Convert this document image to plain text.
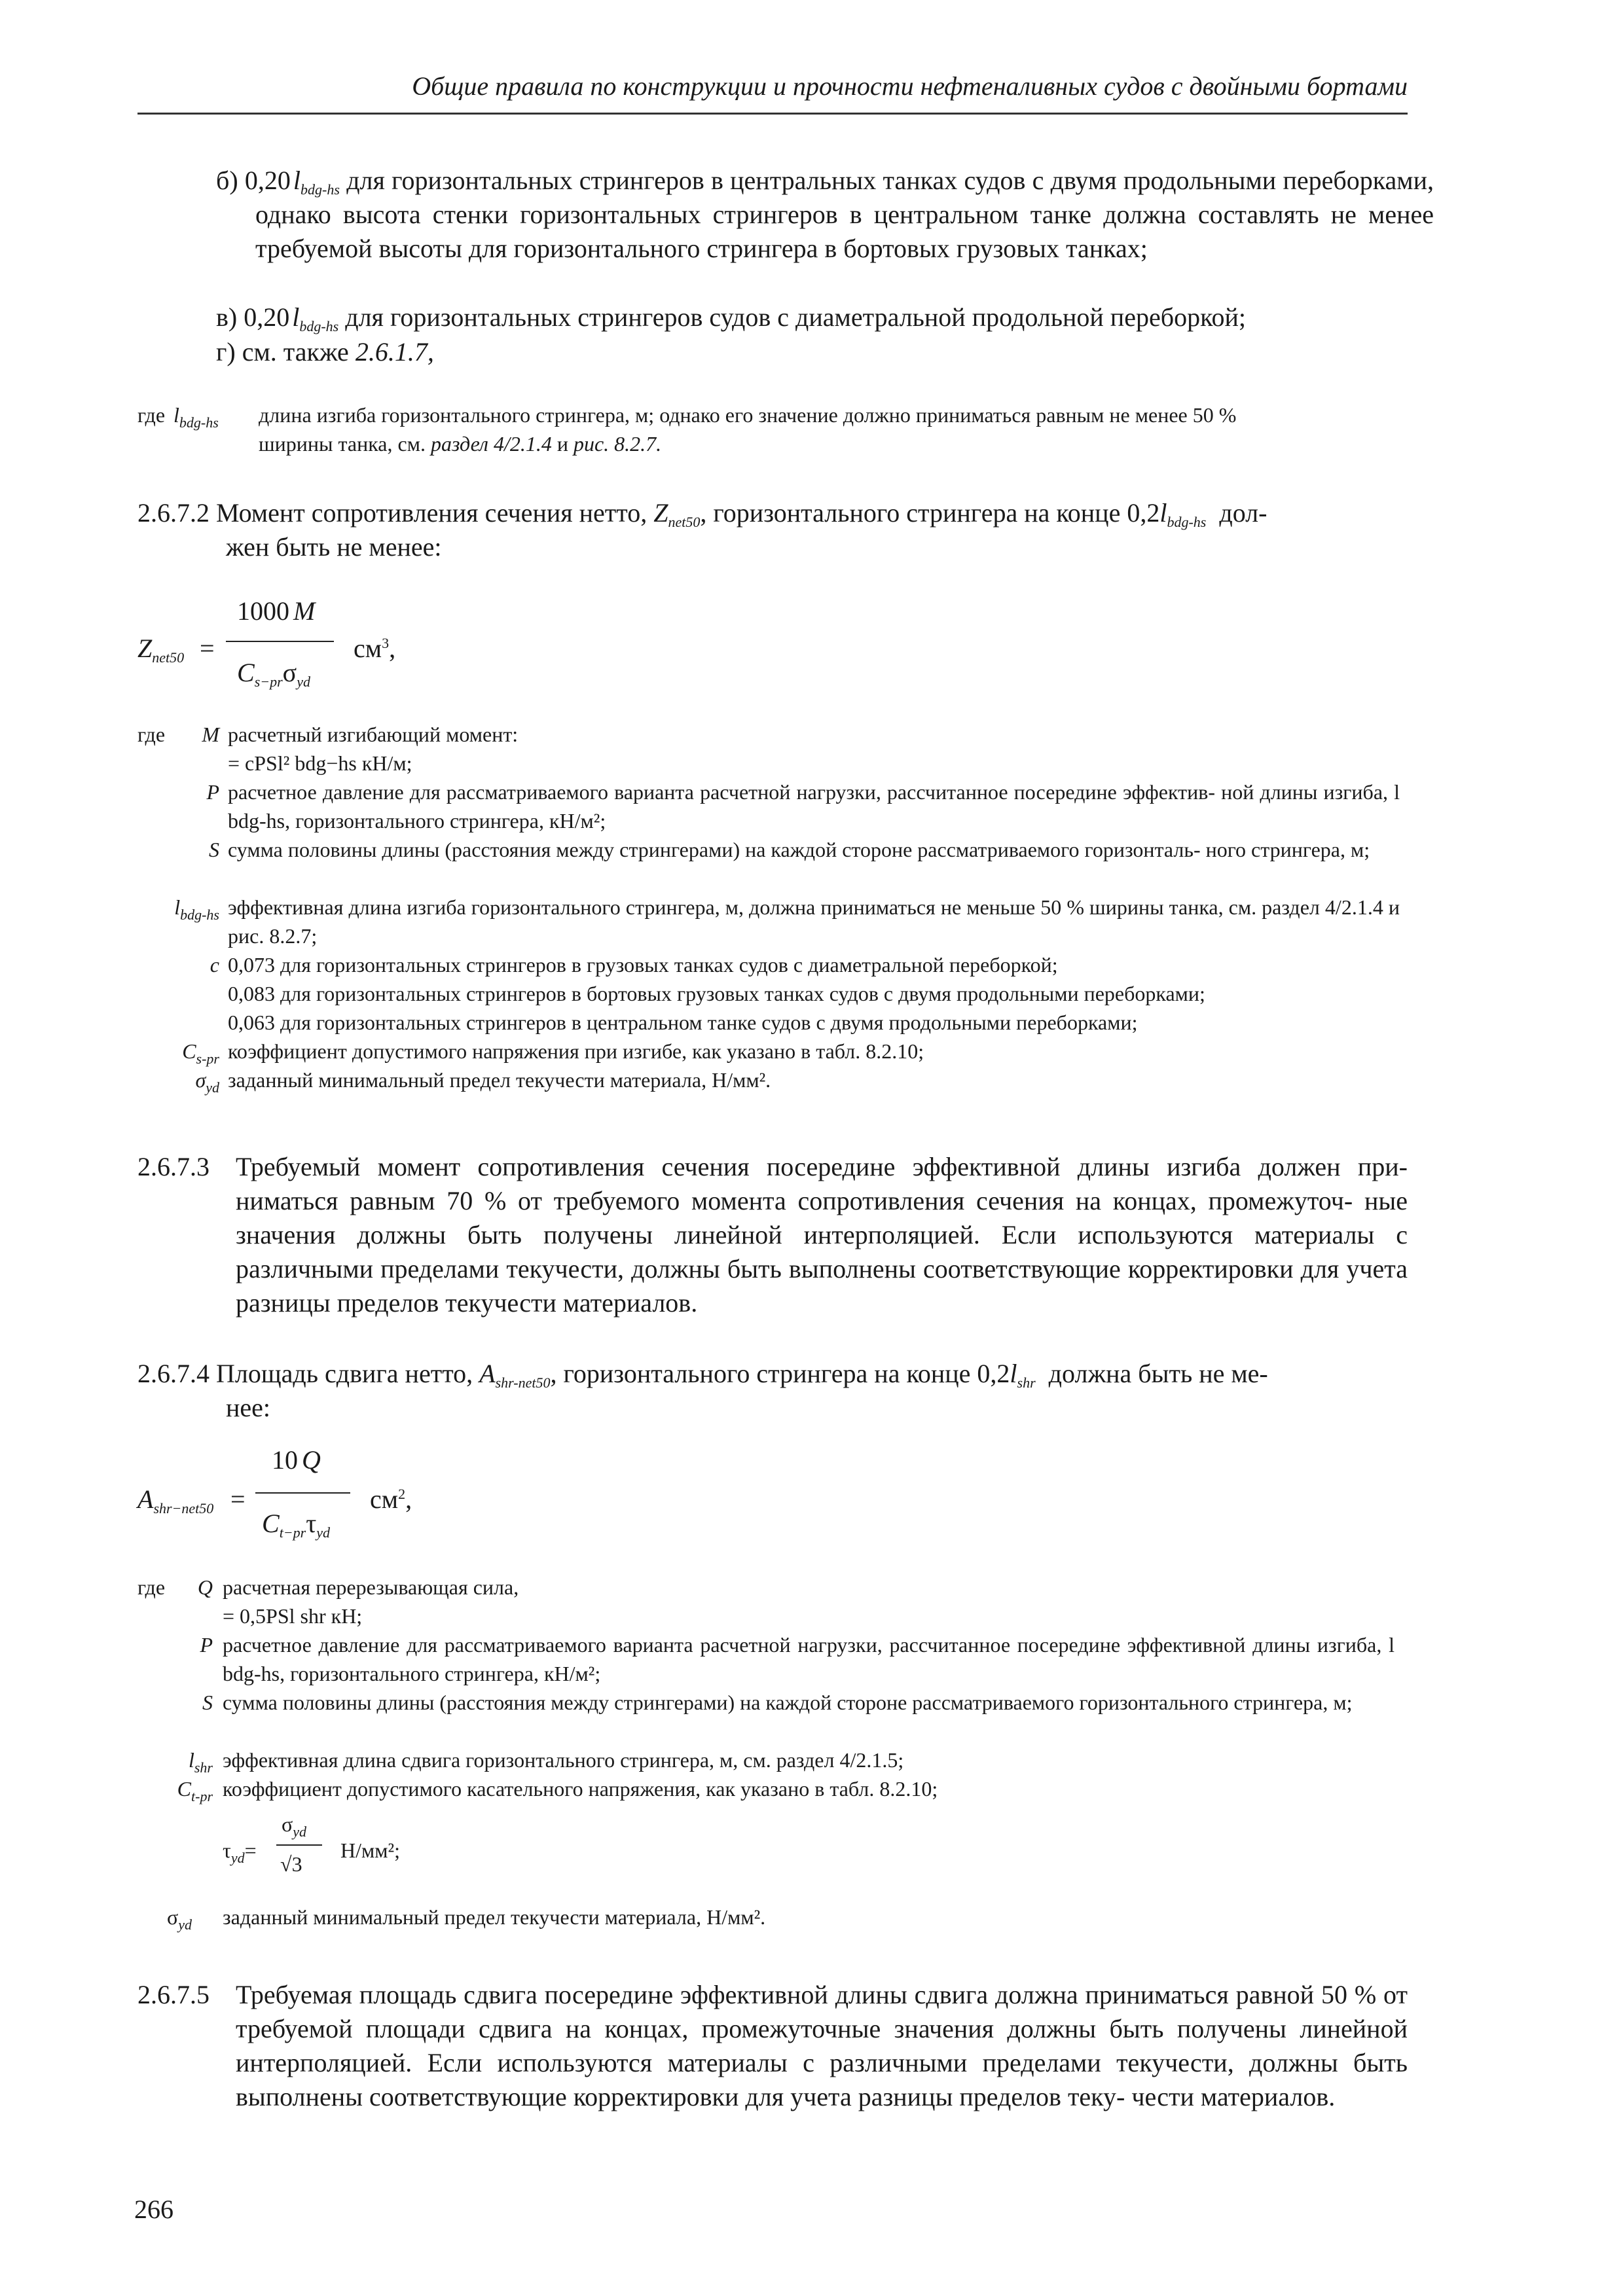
Общие правила по конструкции и прочности нефтеналивных судов с двойными бортами
б) 0,20 $l_{bdg-hs}$ для горизонтальных стрингеров в центральных танках судов с двумя продольными переборками, однако высота стенки горизонтальных стрингеров в центральном танке должна составлять не менее требуемой высоты для горизонтального стрингера в бортовых грузовых танках;
в) 0,20 $l_{bdg-hs}$ для горизонтальных стрингеров судов с диаметральной продольной переборкой;
г) см. также 2.6.1.7,
где $l_{bdg-hs}$	длина изгиба горизонтального стрингера, м; однако его значение должно приниматься равным не менее 50 %
ширины танка, см. раздел 4/2.1.4 и рис. 8.2.7.
2.6.7.2 Момент сопротивления сечения нетто, $Z_{net50}$, горизонтального стрингера на конце $0,2l_{bdg-hs}$ дол-
жен быть не менее:
$Z_{net50}$ =
1000 M
$C_{s-pr}\sigma_{yd}$
$см^3$,
где	M расчетный изгибающий момент:
= cPSl² bdg−hs кН/м;
P расчетное давление для рассматриваемого варианта расчетной нагрузки, рассчитанное посередине эффектив- ной длины изгиба, l bdg-hs, горизонтального стрингера, кН/м²;
S сумма половины длины (расстояния между стрингерами) на каждой стороне рассматриваемого горизонталь- ного стрингера, м;
$l_{bdg-hs}$ эффективная длина изгиба горизонтального стрингера, м, должна приниматься не меньше 50 % ширины танка, см. раздел 4/2.1.4 и рис. 8.2.7;
c 0,073 для горизонтальных стрингеров в грузовых танках судов с диаметральной переборкой;
0,083 для горизонтальных стрингеров в бортовых грузовых танках судов с двумя продольными переборками;
0,063 для горизонтальных стрингеров в центральном танке судов с двумя продольными переборками;
$C_{s-pr}$ коэффициент допустимого напряжения при изгибе, как указано в табл. 8.2.10;
$\sigma_{yd}$ заданный минимальный предел текучести материала, Н/мм².
2.6.7.3 Требуемый момент сопротивления сечения посередине эффективной длины изгиба должен при- ниматься равным 70 % от требуемого момента сопротивления сечения на концах, промежуточ- ные значения должны быть получены линейной интерполяцией. Если используются материалы с различными пределами текучести, должны быть выполнены соответствующие корректировки для учета разницы пределов текучести материалов.
2.6.7.4 Площадь сдвига нетто, $A_{shr-net50}$, горизонтального стрингера на конце $0,2l_{shr}$ должна быть не ме-
нее:
$A_{shr-net50}$ =
10 Q
$C_{t-pr}\tau_{yd}$
$см^2$,
где	Q расчетная перерезывающая сила,
= 0,5PSl shr кН;
P расчетное давление для рассматриваемого варианта расчетной нагрузки, рассчитанное посередине эффективной длины изгиба, l bdg-hs, горизонтального стрингера, кН/м²;
S сумма половины длины (расстояния между стрингерами) на каждой стороне рассматриваемого горизонтального стрингера, м;
$l_{shr}$ эффективная длина сдвига горизонтального стрингера, м, см. раздел 4/2.1.5;
$C_{t-pr}$ коэффициент допустимого касательного напряжения, как указано в табл. 8.2.10;
$\tau_{yd}=$
$\sigma_{yd}$
√3
Н/мм²;
$\sigma_{yd}$	заданный минимальный предел текучести материала, Н/мм².
2.6.7.5 Требуемая площадь сдвига посередине эффективной длины сдвига должна приниматься равной 50 % от требуемой площади сдвига на концах, промежуточные значения должны быть получены линейной интерполяцией. Если используются материалы с различными пределами текучести, должны быть выполнены соответствующие корректировки для учета разницы пределов теку- чести материалов.
266
